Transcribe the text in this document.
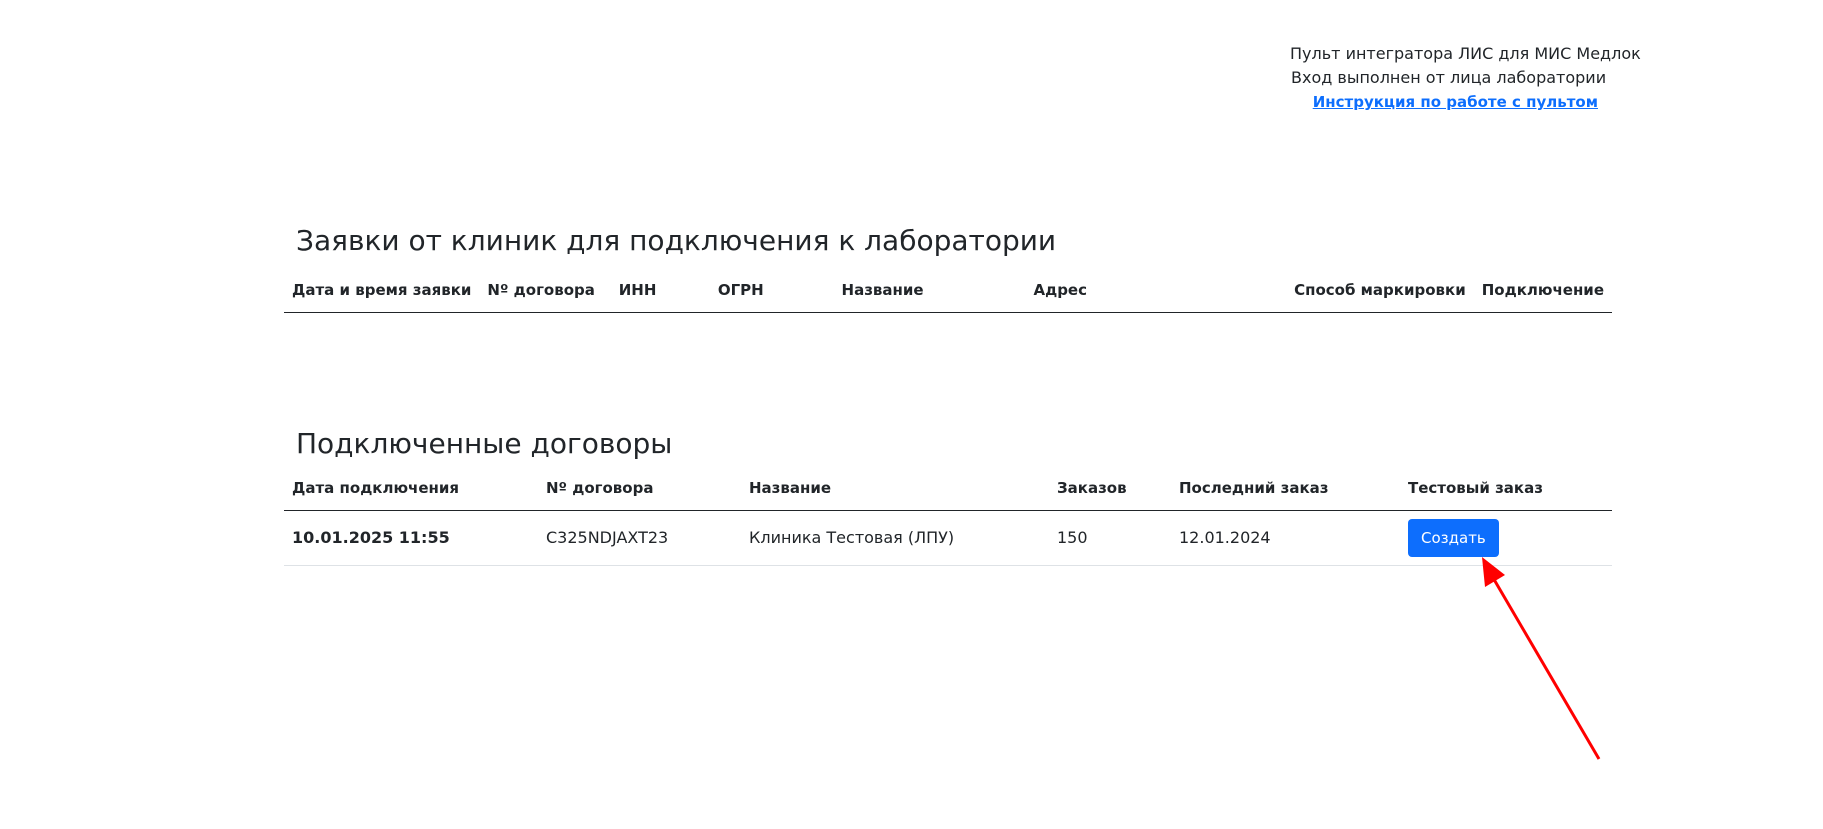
Пульт интегратора ЛИС для МИС Медлок
Вход выполнен от лица лаборатории
Инструкция по работе с пультом
Заявки от клиник для подключения к лаборатории
Дата и время заявки	Nº договора	ИНН	ОГРН	Название	Адрес	Способ маркировки	Подключение
Подключенные договоры
Дата подключения	Nº договора	Название	Заказов	Последний заказ	Тестовый заказ
10.01.2025 11:55	C325NDJAXT23	Клиника Тестовая (ЛПУ)	150	12.01.2024	Создать
